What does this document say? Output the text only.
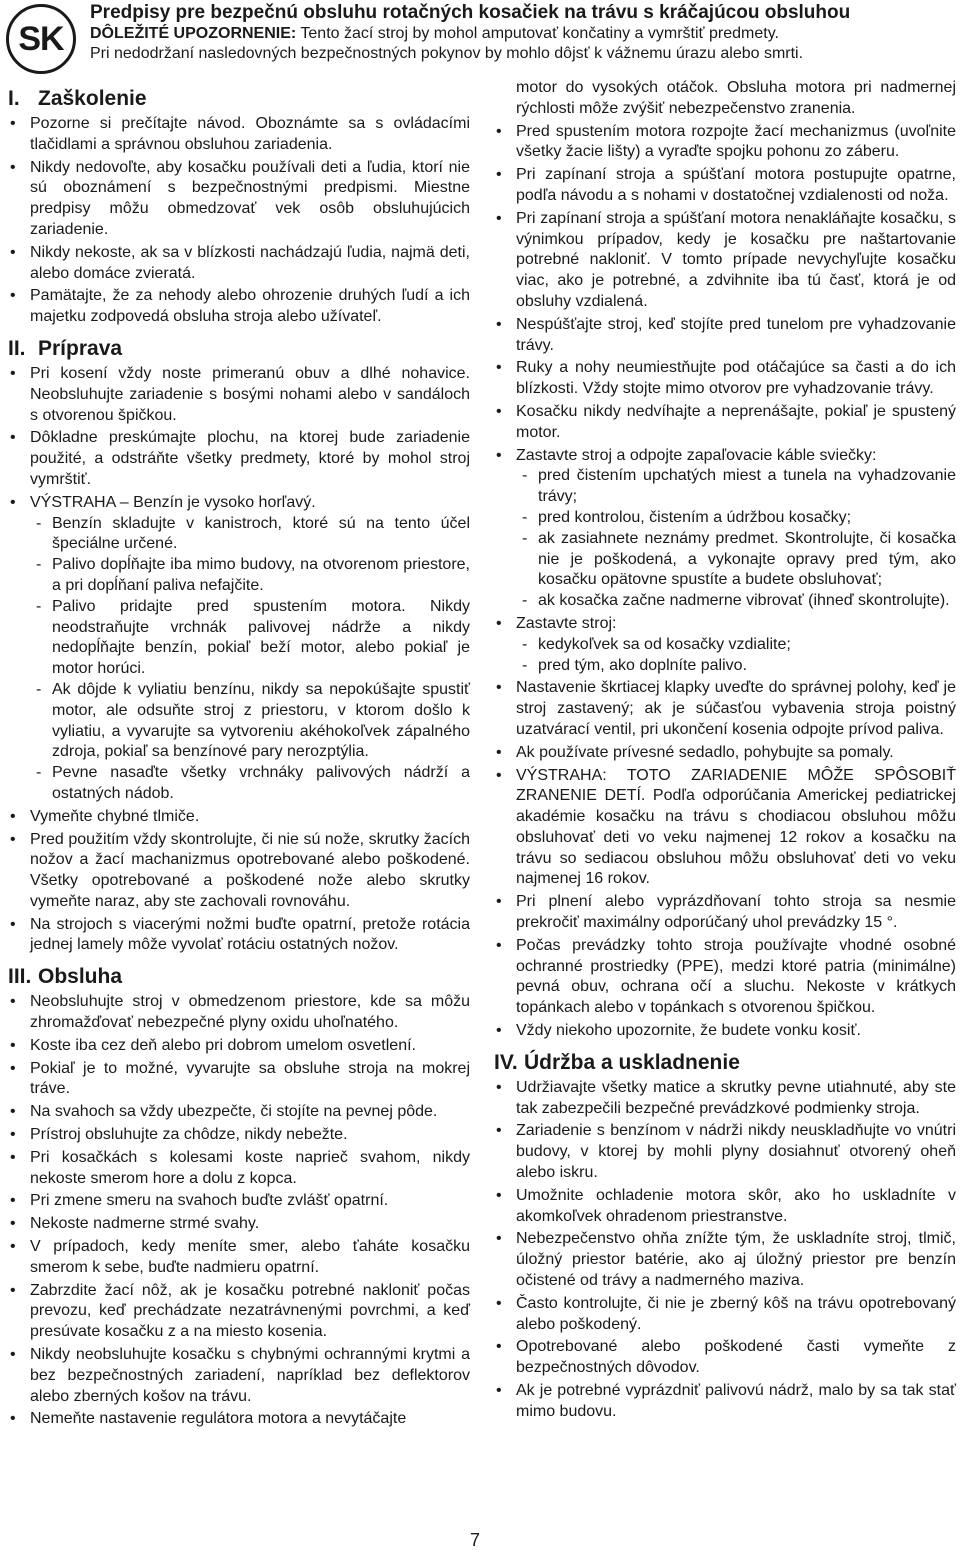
SK
Predpisy pre bezpečnú obsluhu rotačných kosačiek na trávu s kráčajúcou obsluhou
DÔLEŽITÉ UPOZORNENIE: Tento žací stroj by mohol amputovať končatiny a vymrštiť predmety.
Pri nedodržaní nasledovných bezpečnostných pokynov by mohlo dôjsť k vážnemu úrazu alebo smrti.
I. Zaškolenie
• Pozorne si prečítajte návod. Oboznámte sa s ovládacími tlačidlami a správnou obsluhou zariadenia.
• Nikdy nedovoľte, aby kosačku používali deti a ľudia, ktorí nie sú oboznámení s bezpečnostnými predpismi. Miestne predpisy môžu obmedzovať vek osôb obsluhujúcich zariadenie.
• Nikdy nekoste, ak sa v blízkosti nachádzajú ľudia, najmä deti, alebo domáce zvieratá.
• Pamätajte, že za nehody alebo ohrozenie druhých ľudí a ich majetku zodpovedá obsluha stroja alebo užívateľ.
II. Príprava
• Pri kosení vždy noste primeranú obuv a dlhé nohavice. Neobsluhujte zariadenie s bosými nohami alebo v sandáloch s otvorenou špičkou.
• Dôkladne preskúmajte plochu, na ktorej bude zariadenie použité, a odstráňte všetky predmety, ktoré by mohol stroj vymrštiť.
• VÝSTRAHA – Benzín je vysoko horľavý.
- Benzín skladujte v kanistroch, ktoré sú na tento účel špeciálne určené.
- Palivo dopĺňajte iba mimo budovy, na otvorenom priestore, a pri dopĺňaní paliva nefajčite.
- Palivo pridajte pred spustením motora. Nikdy neodstraňujte vrchnák palivovej nádrže a nikdy nedopĺňajte benzín, pokiaľ beží motor, alebo pokiaľ je motor horúci.
- Ak dôjde k vyliatiu benzínu, nikdy sa nepokúšajte spustiť motor, ale odsuňte stroj z priestoru, v ktorom došlo k vyliatiu, a vyvarujte sa vytvoreniu akéhokoľvek zápalného zdroja, pokiaľ sa benzínové pary nerozptýlia.
- Pevne nasaďte všetky vrchnáky palivových nádrží a ostatných nádob.
• Vymeňte chybné tlmiče.
• Pred použitím vždy skontrolujte, či nie sú nože, skrutky žacích nožov a žací machanizmus opotrebované alebo poškodené. Všetky opotrebované a poškodené nože alebo skrutky vymeňte naraz, aby ste zachovali rovnováhu.
• Na strojoch s viacerými nožmi buďte opatrní, pretože rotácia jednej lamely môže vyvolať rotáciu ostatných nožov.
III. Obsluha
• Neobsluhujte stroj v obmedzenom priestore, kde sa môžu zhromažďovať nebezpečné plyny oxidu uhoľnatého.
• Koste iba cez deň alebo pri dobrom umelom osvetlení.
• Pokiaľ je to možné, vyvarujte sa obsluhe stroja na mokrej tráve.
• Na svahoch sa vždy ubezpečte, či stojíte na pevnej pôde.
• Prístroj obsluhujte za chôdze, nikdy nebežte.
• Pri kosačkách s kolesami koste naprieč svahom, nikdy nekoste smerom hore a dolu z kopca.
• Pri zmene smeru na svahoch buďte zvlášť opatrní.
• Nekoste nadmerne strmé svahy.
• V prípadoch, kedy meníte smer, alebo ťaháte kosačku smerom k sebe, buďte nadmieru opatrní.
• Zabrzdite žací nôž, ak je kosačku potrebné nakloniť počas prevozu, keď prechádzate nezatrávnenými povrchmi, a keď presúvate kosačku z a na miesto kosenia.
• Nikdy neobsluhujte kosačku s chybnými ochrannými krytmi a bez bezpečnostných zariadení, napríklad bez deflektorov alebo zberných košov na trávu.
• Nemeňte nastavenie regulátora motora a nevytáčajte
motor do vysokých otáčok. Obsluha motora pri nadmernej rýchlosti môže zvýšiť nebezpečenstvo zranenia.
• Pred spustením motora rozpojte žací mechanizmus (uvoľnite všetky žacie lišty) a vyraďte spojku pohonu zo záberu.
• Pri zapínaní stroja a spúšťaní motora postupujte opatrne, podľa návodu a s nohami v dostatočnej vzdialenosti od noža.
• Pri zapínaní stroja a spúšťaní motora nenakláňajte kosačku, s výnimkou prípadov, kedy je kosačku pre naštartovanie potrebné nakloniť. V tomto prípade nevychyľujte kosačku viac, ako je potrebné, a zdvihnite iba tú časť, ktorá je od obsluhy vzdialená.
• Nespúšťajte stroj, keď stojíte pred tunelom pre vyhadzovanie trávy.
• Ruky a nohy neumiestňujte pod otáčajúce sa časti a do ich blízkosti. Vždy stojte mimo otvorov pre vyhadzovanie trávy.
• Kosačku nikdy nedvíhajte a neprenášajte, pokiaľ je spustený motor.
• Zastavte stroj a odpojte zapaľovacie káble sviečky:
- pred čistením upchatých miest a tunela na vyhadzovanie trávy;
- pred kontrolou, čistením a údržbou kosačky;
- ak zasiahnete neznámy predmet. Skontrolujte, či kosačka nie je poškodená, a vykonajte opravy pred tým, ako kosačku opätovne spustíte a budete obsluhovať;
- ak kosačka začne nadmerne vibrovať (ihneď skontrolujte).
• Zastavte stroj:
- kedykoľvek sa od kosačky vzdialite;
- pred tým, ako doplníte palivo.
• Nastavenie škrtiacej klapky uveďte do správnej polohy, keď je stroj zastavený; ak je súčasťou vybavenia stroja poistný uzatvárací ventil, pri ukončení kosenia odpojte prívod paliva.
• Ak používate prívesné sedadlo, pohybujte sa pomaly.
• VÝSTRAHA: TOTO ZARIADENIE MÔŽE SPÔSOBIŤ ZRANENIE DETÍ. Podľa odporúčania Americkej pediatrickej akadémie kosačku na trávu s chodiacou obsluhou môžu obsluhovať deti vo veku najmenej 12 rokov a kosačku na trávu so sediacou obsluhou môžu obsluhovať deti vo veku najmenej 16 rokov.
• Pri plnení alebo vyprázdňovaní tohto stroja sa nesmie prekročiť maximálny odporúčaný uhol prevádzky 15 °.
• Počas prevádzky tohto stroja používajte vhodné osobné ochranné prostriedky (PPE), medzi ktoré patria (minimálne) pevná obuv, ochrana očí a sluchu. Nekoste v krátkych topánkach alebo v topánkach s otvorenou špičkou.
• Vždy niekoho upozornite, že budete vonku kosiť.
IV. Údržba a uskladnenie
• Udržiavajte všetky matice a skrutky pevne utiahnuté, aby ste tak zabezpečili bezpečné prevádzkové podmienky stroja.
• Zariadenie s benzínom v nádrži nikdy neuskladňujte vo vnútri budovy, v ktorej by mohli plyny dosiahnuť otvorený oheň alebo iskru.
• Umožnite ochladenie motora skôr, ako ho uskladníte v akomkoľvek ohradenom priestranstve.
• Nebezpečenstvo ohňa znížte tým, že uskladníte stroj, tlmič, úložný priestor batérie, ako aj úložný priestor pre benzín očistené od trávy a nadmerného maziva.
• Často kontrolujte, či nie je zberný kôš na trávu opotrebovaný alebo poškodený.
• Opotrebované alebo poškodené časti vymeňte z bezpečnostných dôvodov.
• Ak je potrebné vyprázdniť palivovú nádrž, malo by sa tak stať mimo budovu.
7
